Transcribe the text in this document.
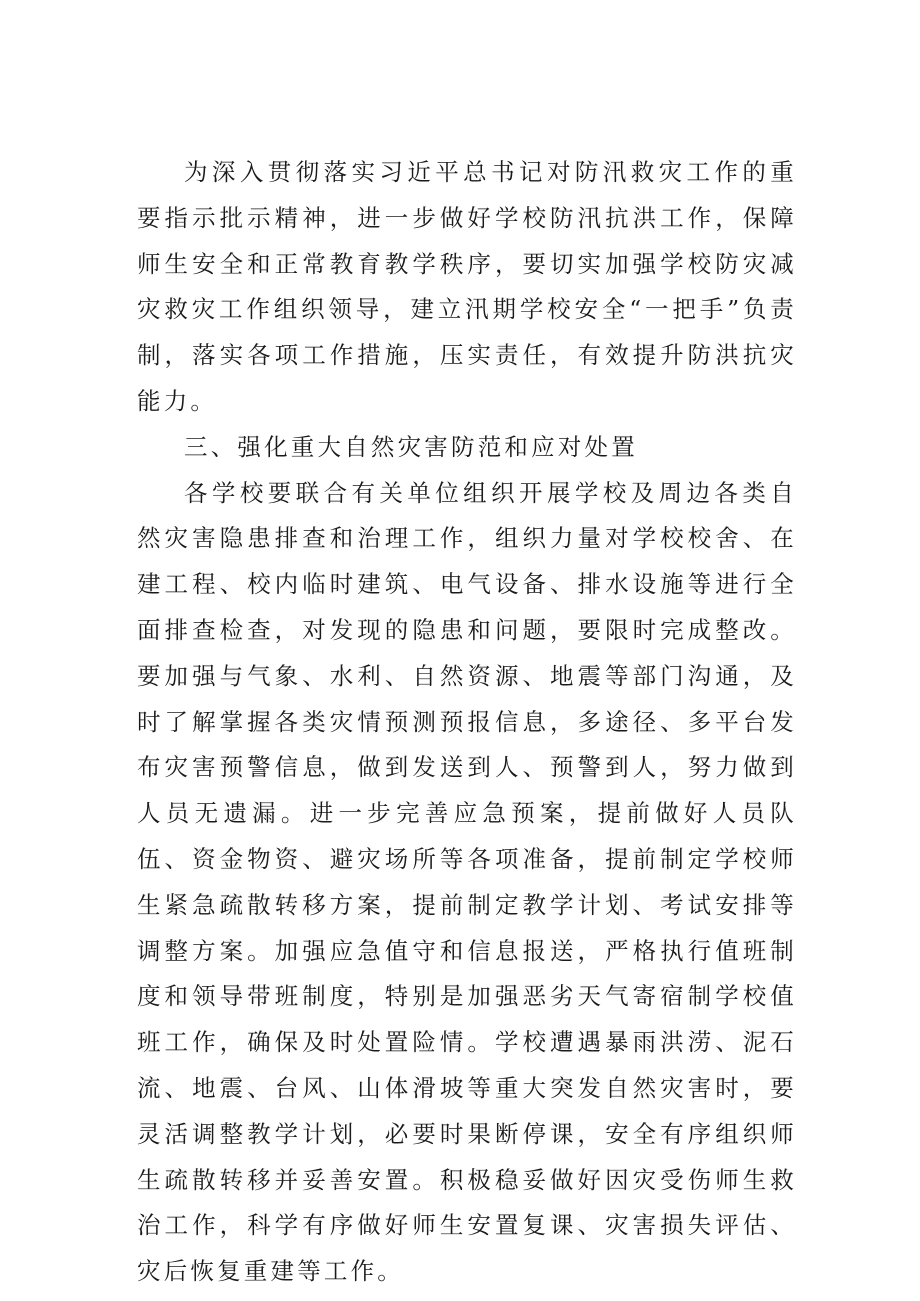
为深入贯彻落实习近平总书记对防汛救灾工作的重要指示批示精神，进一步做好学校防汛抗洪工作，保障师生安全和正常教育教学秩序，要切实加强学校防灾减灾救灾工作组织领导，建立汛期学校安全“一把手”负责制，落实各项工作措施，压实责任，有效提升防洪抗灾能力。

三、强化重大自然灾害防范和应对处置

各学校要联合有关单位组织开展学校及周边各类自然灾害隐患排查和治理工作，组织力量对学校校舍、在建工程、校内临时建筑、电气设备、排水设施等进行全面排查检查，对发现的隐患和问题，要限时完成整改。要加强与气象、水利、自然资源、地震等部门沟通，及时了解掌握各类灾情预测预报信息，多途径、多平台发布灾害预警信息，做到发送到人、预警到人，努力做到人员无遗漏。进一步完善应急预案，提前做好人员队伍、资金物资、避灾场所等各项准备，提前制定学校师生紧急疏散转移方案，提前制定教学计划、考试安排等调整方案。加强应急值守和信息报送，严格执行值班制度和领导带班制度，特别是加强恶劣天气寄宿制学校值班工作，确保及时处置险情。学校遭遇暴雨洪涝、泥石流、地震、台风、山体滑坡等重大突发自然灾害时，要灵活调整教学计划，必要时果断停课，安全有序组织师生疏散转移并妥善安置。积极稳妥做好因灾受伤师生救治工作，科学有序做好师生安置复课、灾害损失评估、灾后恢复重建等工作。
